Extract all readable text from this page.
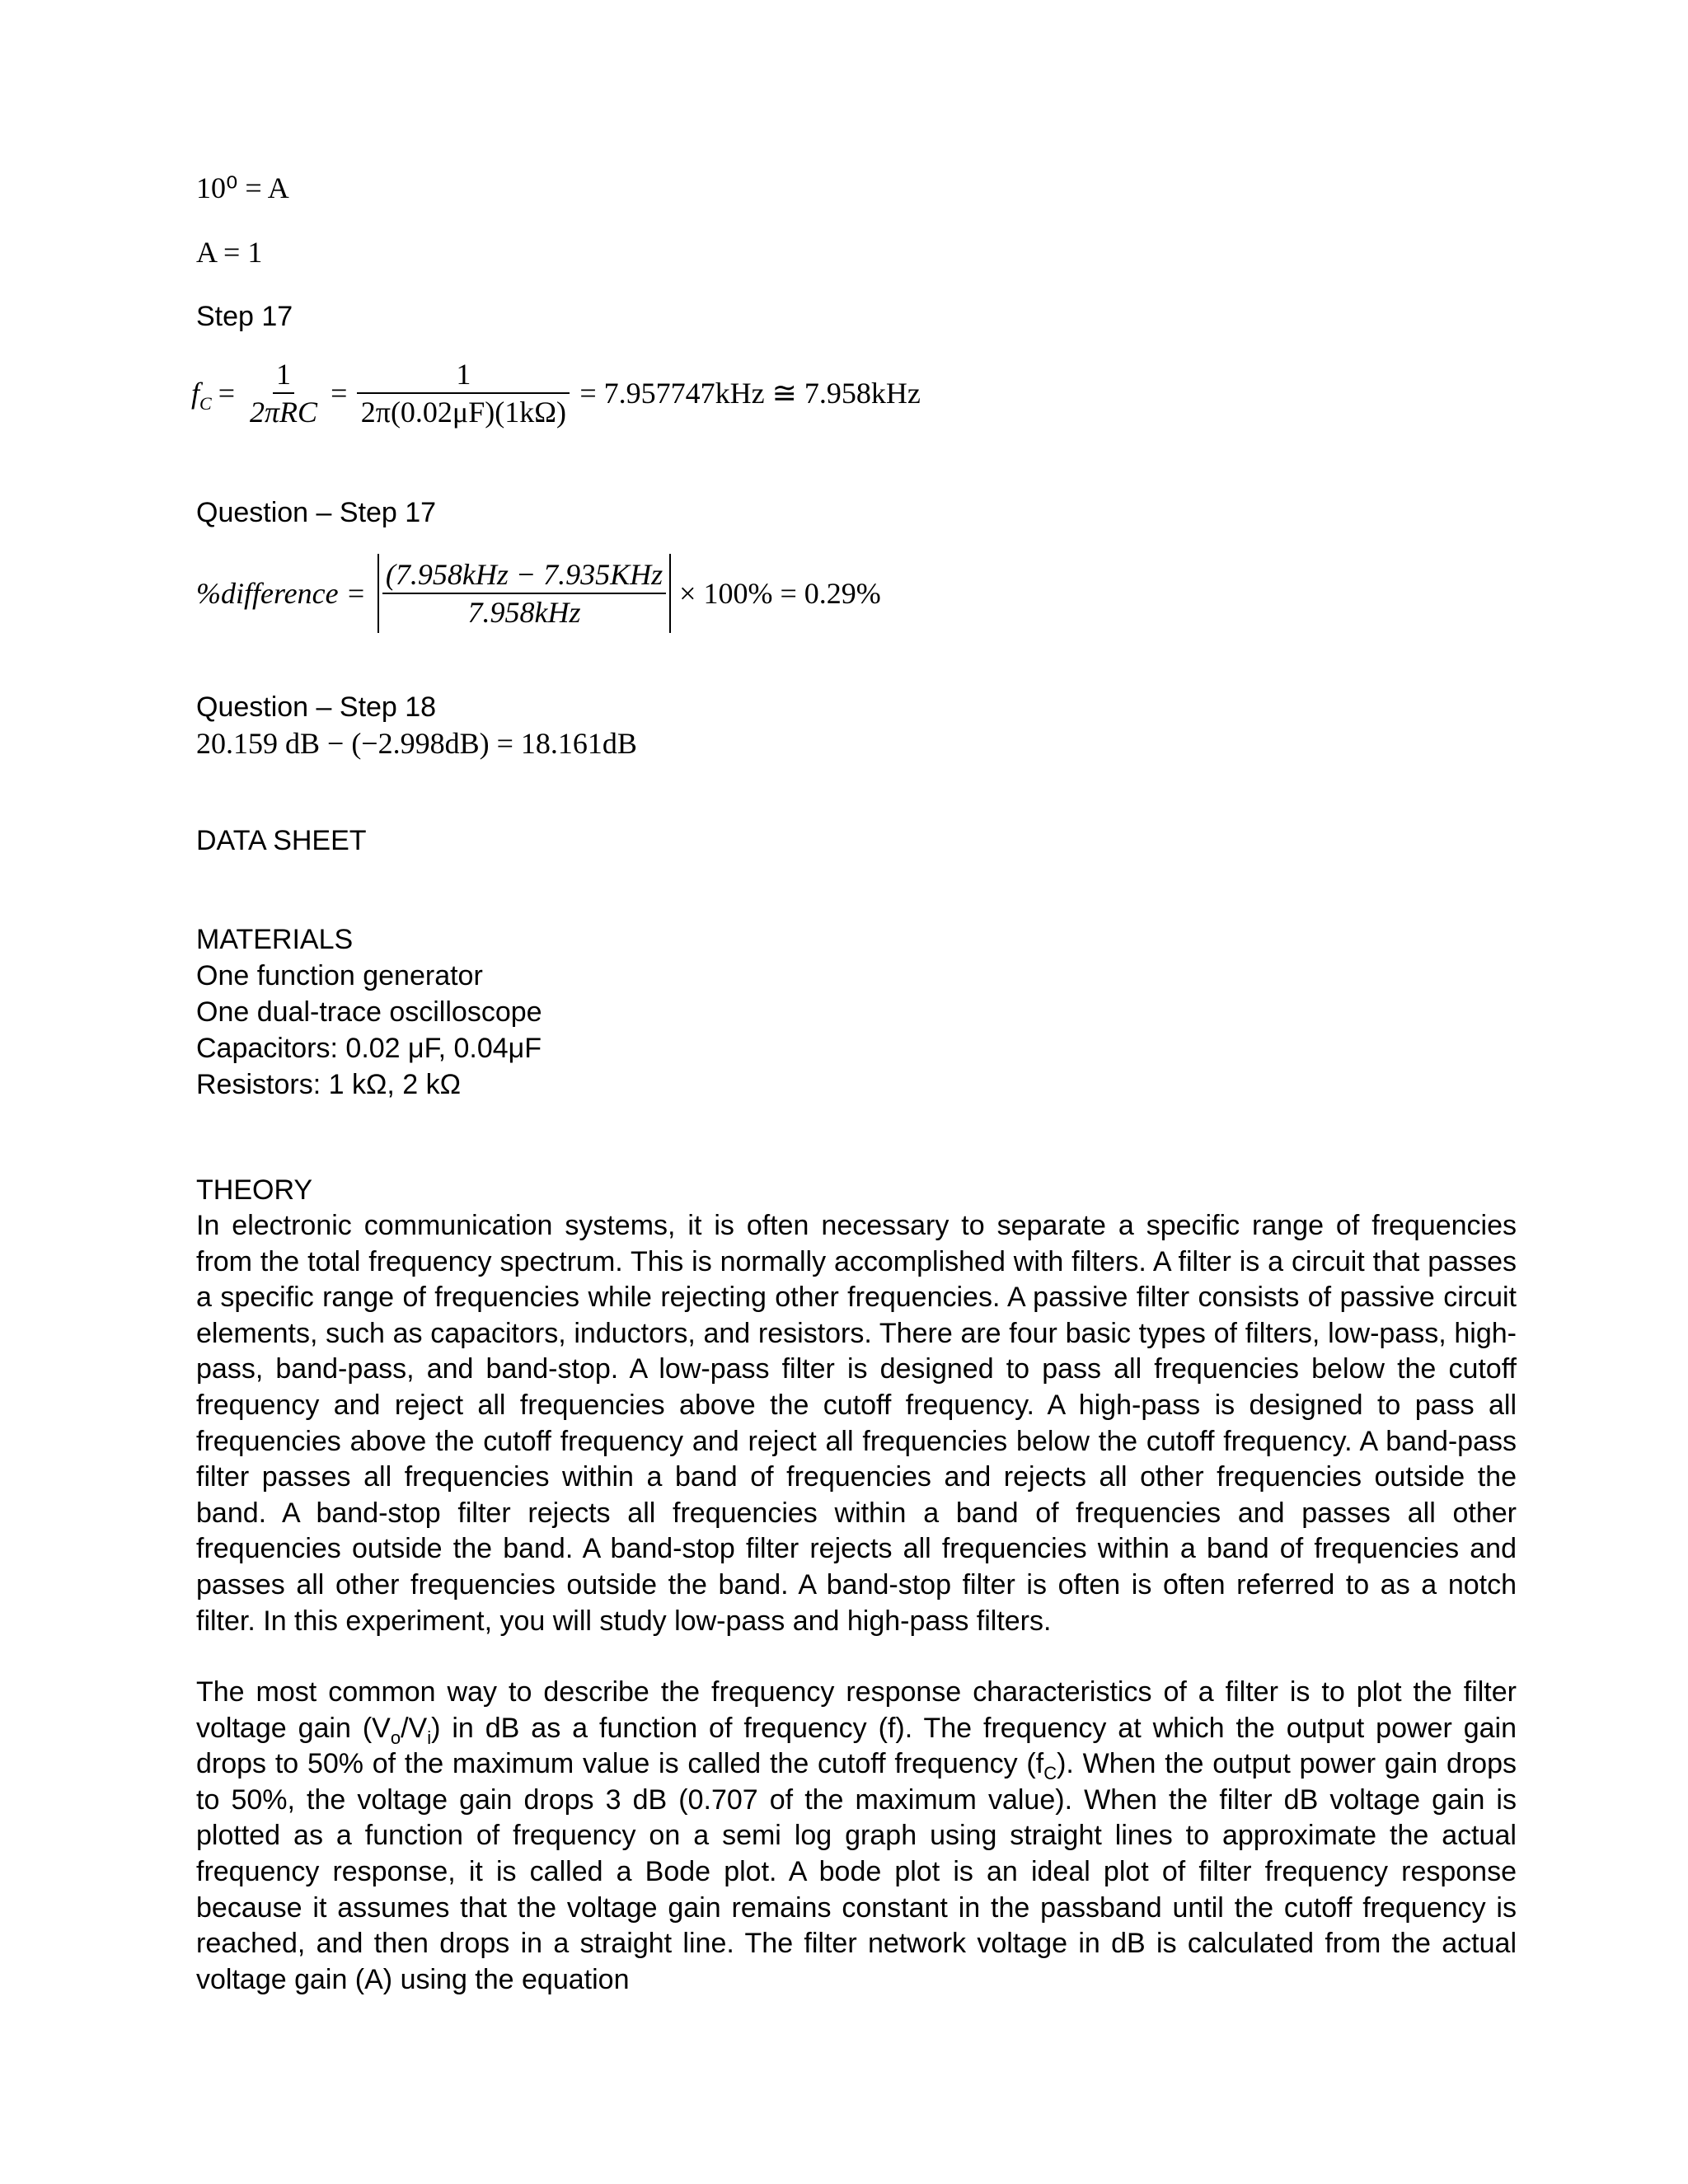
10⁰ = A
A = 1
Step 17
$f_C = \frac{1}{\text{2πRC}} = \frac{1}{2\pi(0.02\mu F)(1k\Omega)} = 7.957747kHz$ ≅ 7.958kHz
Question – Step 17
%difference = $\frac{\text{(7.958kHz − 7.935KHz}}{\text{7.958kHz}} \times 100\% = 0.29\%$
Question – Step 18
20.159 dB − (−2.998dB) = 18.161dB
DATA SHEET
MATERIALS
One function generator
One dual-trace oscilloscope
Capacitors: 0.02 μF, 0.04μF
Resistors: 1 kΩ, 2 kΩ
THEORY
In electronic communication systems, it is often necessary to separate a specific range of frequencies from the total frequency spectrum. This is normally accomplished with filters. A filter is a circuit that passes a specific range of frequencies while rejecting other frequencies. A passive filter consists of passive circuit elements, such as capacitors, inductors, and resistors. There are four basic types of filters, low-pass, high-pass, band-pass, and band-stop. A low-pass filter is designed to pass all frequencies below the cutoff frequency and reject all frequencies above the cutoff frequency. A high-pass is designed to pass all frequencies above the cutoff frequency and reject all frequencies below the cutoff frequency. A band-pass filter passes all frequencies within a band of frequencies and rejects all other frequencies outside the band. A band-stop filter rejects all frequencies within a band of frequencies and passes all other frequencies outside the band. A band-stop filter rejects all frequencies within a band of frequencies and passes all other frequencies outside the band. A band-stop filter is often is often referred to as a notch filter. In this experiment, you will study low-pass and high-pass filters.
The most common way to describe the frequency response characteristics of a filter is to plot the filter voltage gain $(V_o/V_i)$ in dB as a function of frequency (f). The frequency at which the output power gain drops to 50% of the maximum value is called the cutoff frequency $(f_C)$. When the output power gain drops to 50%, the voltage gain drops 3 dB (0.707 of the maximum value). When the filter dB voltage gain is plotted as a function of frequency on a semi log graph using straight lines to approximate the actual frequency response, it is called a Bode plot. A bode plot is an ideal plot of filter frequency response because it assumes that the voltage gain remains constant in the passband until the cutoff frequency is reached, and then drops in a straight line. The filter network voltage in dB is calculated from the actual voltage gain (A) using the equation
